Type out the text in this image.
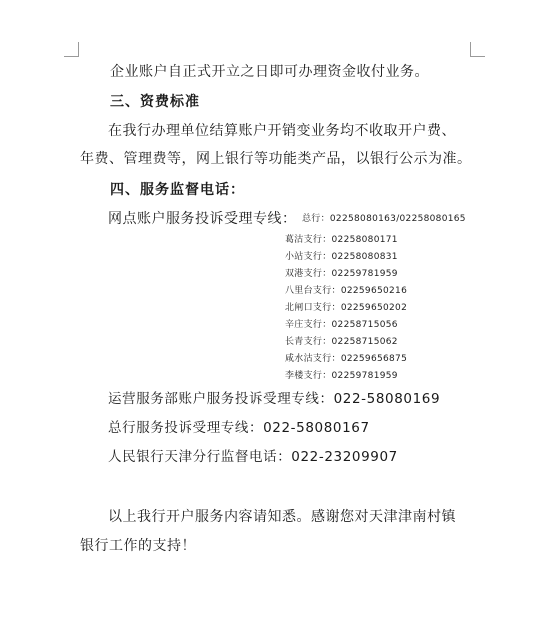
企业账户自正式开立之日即可办理资金收付业务。
三、资费标准
在我行办理单位结算账户开销变业务均不收取开户费、
年费、管理费等，网上银行等功能类产品，以银行公示为准。
四、服务监督电话：
网点账户服务投诉受理专线： 总行：02258080163/02258080165
葛沽支行：02258080171
小站支行：02258080831
双港支行：02259781959
八里台支行：02259650216
北闸口支行：02259650202
辛庄支行：02258715056
长青支行：02258715062
咸水沽支行：02259656875
李楼支行：02259781959
运营服务部账户服务投诉受理专线：022-58080169
总行服务投诉受理专线：022-58080167
人民银行天津分行监督电话：022-23209907
以上我行开户服务内容请知悉。感谢您对天津津南村镇
银行工作的支持！
